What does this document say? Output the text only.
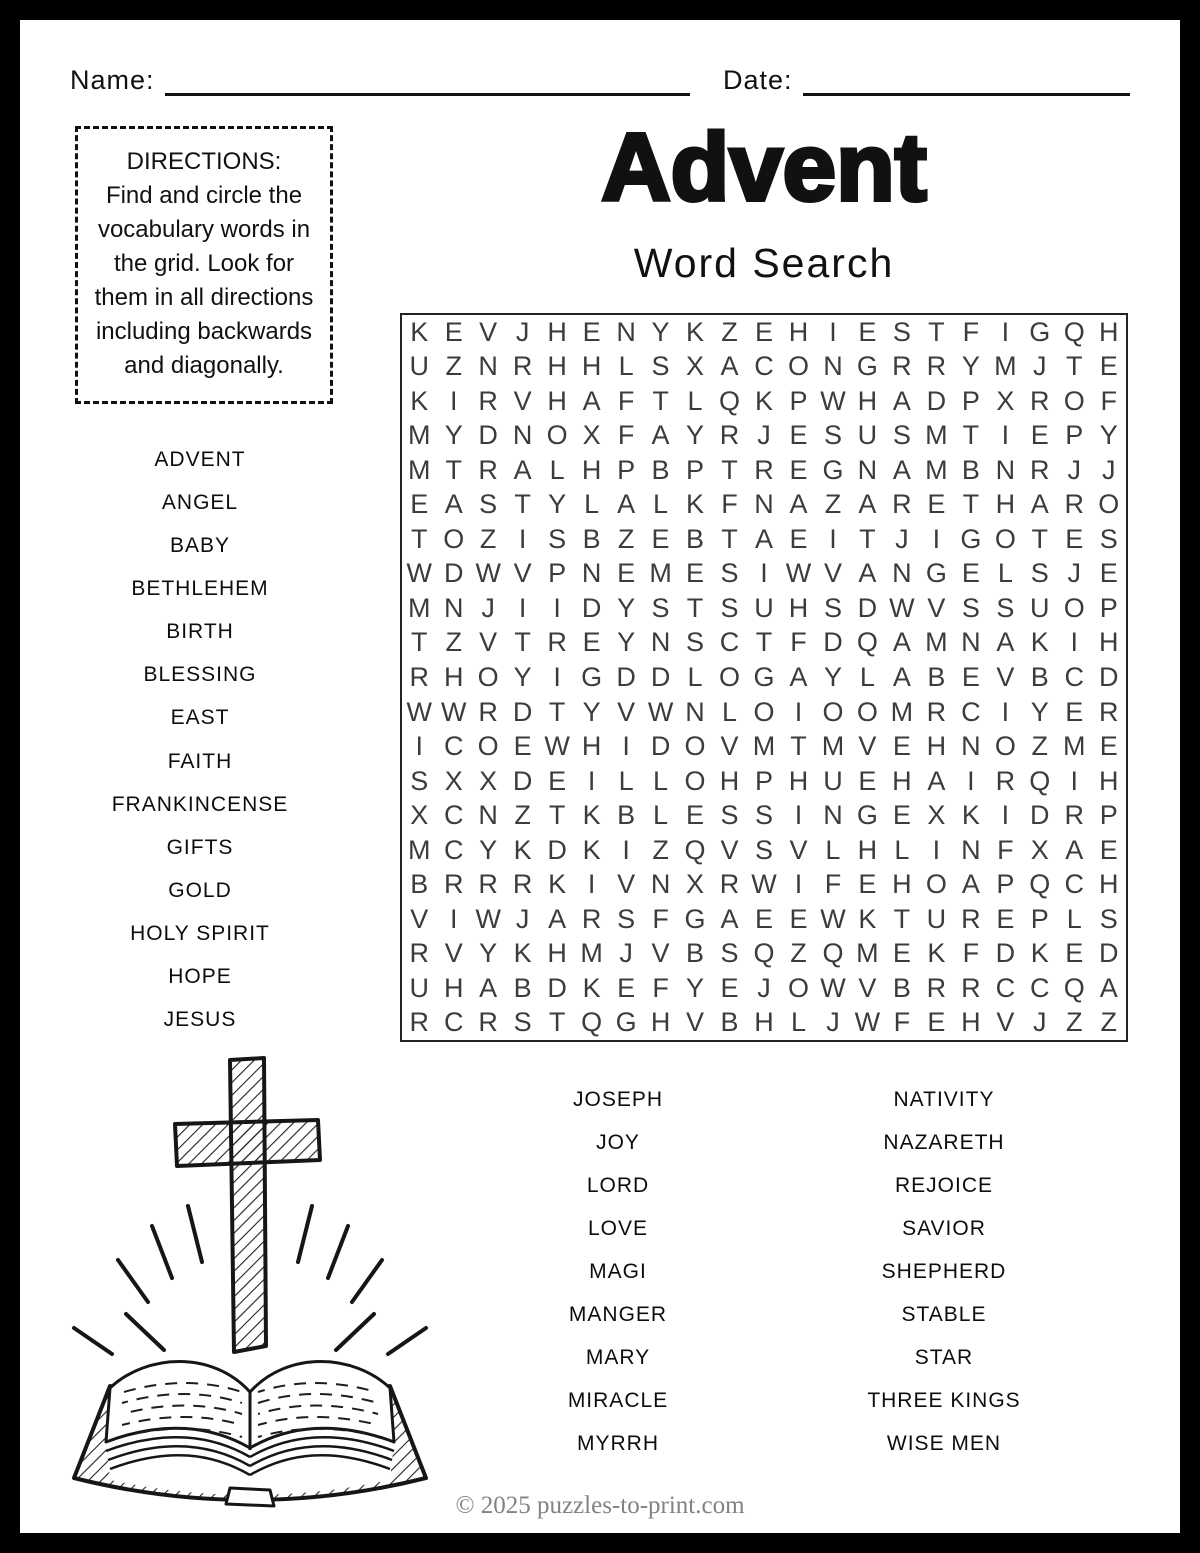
Name:	Date:
DIRECTIONS:
Find and circle the vocabulary words in the grid. Look for them in all directions including backwards and diagonally.
Advent
Word Search
K E V J H E N Y K Z E H I E S T F I G Q H
U Z N R H H L S X A C O N G R R Y M J T E
K I R V H A F T L Q K P W H A D P X R O F
M Y D N O X F A Y R J E S U S M T I E P Y
M T R A L H P B P T R E G N A M B N R J J
E A S T Y L A L K F N A Z A R E T H A R O
T O Z I S B Z E B T A E I T J I G O T E S
W D W V P N E M E S I W V A N G E L S J E
M N J I I D Y S T S U H S D W V S S U O P
T Z V T R E Y N S C T F D Q A M N A K I H
R H O Y I G D D L O G A Y L A B E V B C D
W W R D T Y V W N L O I O O M R C I Y E R
I C O E W H I D O V M T M V E H N O Z M E
S X X D E I L L O H P H U E H A I R Q I H
X C N Z T K B L E S S I N G E X K I D R P
M C Y K D K I Z Q V S V L H L I N F X A E
B R R R K I V N X R W I F E H O A P Q C H
V I W J A R S F G A E E W K T U R E P L S
R V Y K H M J V B S Q Z Q M E K F D K E D
U H A B D K E F Y E J O W V B R R C C Q A
R C R S T Q G H V B H L J W F E H V J Z Z
ADVENT
ANGEL
BABY
BETHLEHEM
BIRTH
BLESSING
EAST
FAITH
FRANKINCENSE
GIFTS
GOLD
HOLY SPIRIT
HOPE
JESUS
JOSEPH
JOY
LORD
LOVE
MAGI
MANGER
MARY
MIRACLE
MYRRH
NATIVITY
NAZARETH
REJOICE
SAVIOR
SHEPHERD
STABLE
STAR
THREE KINGS
WISE MEN
© 2025 puzzles-to-print.com
